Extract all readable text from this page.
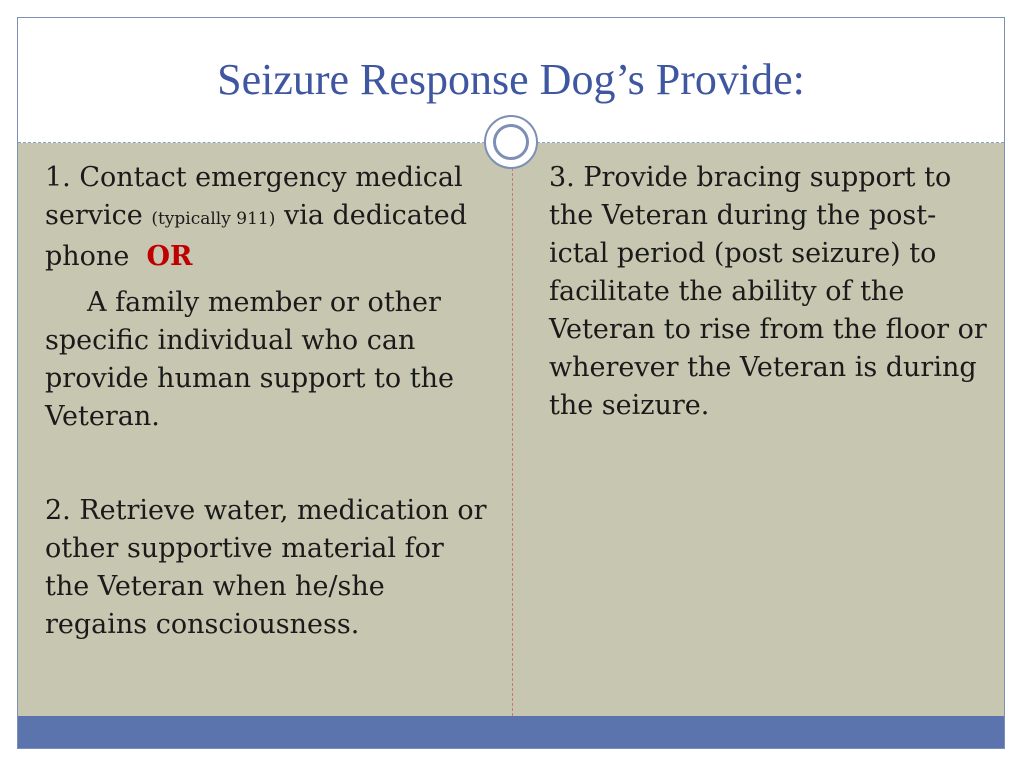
Seizure Response Dog’s Provide:

1. Contact emergency medical service (typically 911) via dedicated phone OR

A family member or other specific individual who can provide human support to the Veteran.

2. Retrieve water, medication or other supportive material for the Veteran when he/she regains consciousness.

3. Provide bracing support to the Veteran during the post-ictal period (post seizure) to facilitate the ability of the Veteran to rise from the floor or wherever the Veteran is during the seizure.
